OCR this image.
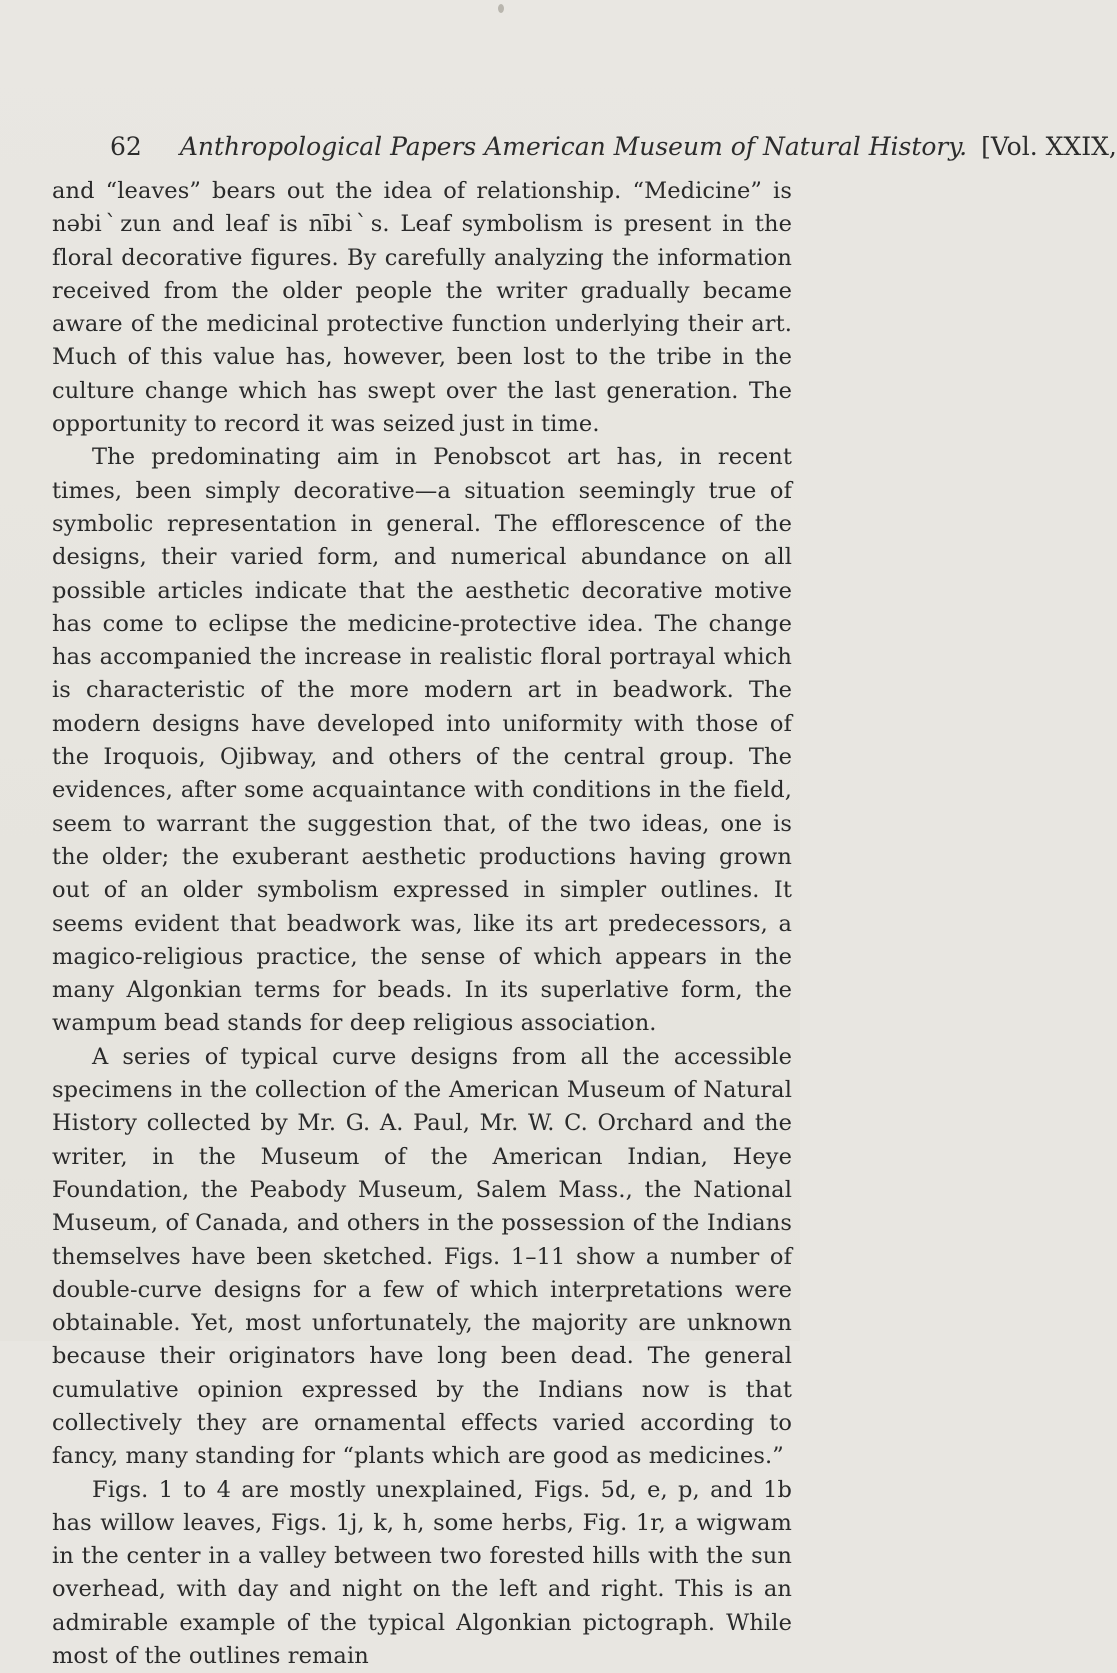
62 Anthropological Papers American Museum of Natural History. [Vol. XXIX,

and “leaves” bears out the idea of relationship. “Medicine” is nəbiˋzun and leaf is nībiˋs. Leaf symbolism is present in the floral decorative figures. By carefully analyzing the information received from the older people the writer gradually became aware of the medicinal protective function underlying their art. Much of this value has, however, been lost to the tribe in the culture change which has swept over the last generation. The opportunity to record it was seized just in time.

The predominating aim in Penobscot art has, in recent times, been simply decorative—a situation seemingly true of symbolic representation in general. The efflorescence of the designs, their varied form, and numerical abundance on all possible articles indicate that the aesthetic decorative motive has come to eclipse the medicine-protective idea. The change has accompanied the increase in realistic floral portrayal which is characteristic of the more modern art in beadwork. The modern designs have developed into uniformity with those of the Iroquois, Ojibway, and others of the central group. The evidences, after some acquaintance with conditions in the field, seem to warrant the suggestion that, of the two ideas, one is the older; the exuberant aesthetic productions having grown out of an older symbolism expressed in simpler outlines. It seems evident that beadwork was, like its art predecessors, a magico-religious practice, the sense of which appears in the many Algonkian terms for beads. In its superlative form, the wampum bead stands for deep religious association.

A series of typical curve designs from all the accessible specimens in the collection of the American Museum of Natural History collected by Mr. G. A. Paul, Mr. W. C. Orchard and the writer, in the Museum of the American Indian, Heye Foundation, the Peabody Museum, Salem Mass., the National Museum, of Canada, and others in the possession of the Indians themselves have been sketched. Figs. 1–11 show a number of double-curve designs for a few of which interpretations were obtainable. Yet, most unfortunately, the majority are unknown because their originators have long been dead. The general cumulative opinion expressed by the Indians now is that collectively they are ornamental effects varied according to fancy, many standing for “plants which are good as medicines.”

Figs. 1 to 4 are mostly unexplained, Figs. 5d, e, p, and 1b has willow leaves, Figs. 1j, k, h, some herbs, Fig. 1r, a wigwam in the center in a valley between two forested hills with the sun overhead, with day and night on the left and right. This is an admirable example of the typical Algonkian pictograph. While most of the outlines remain
